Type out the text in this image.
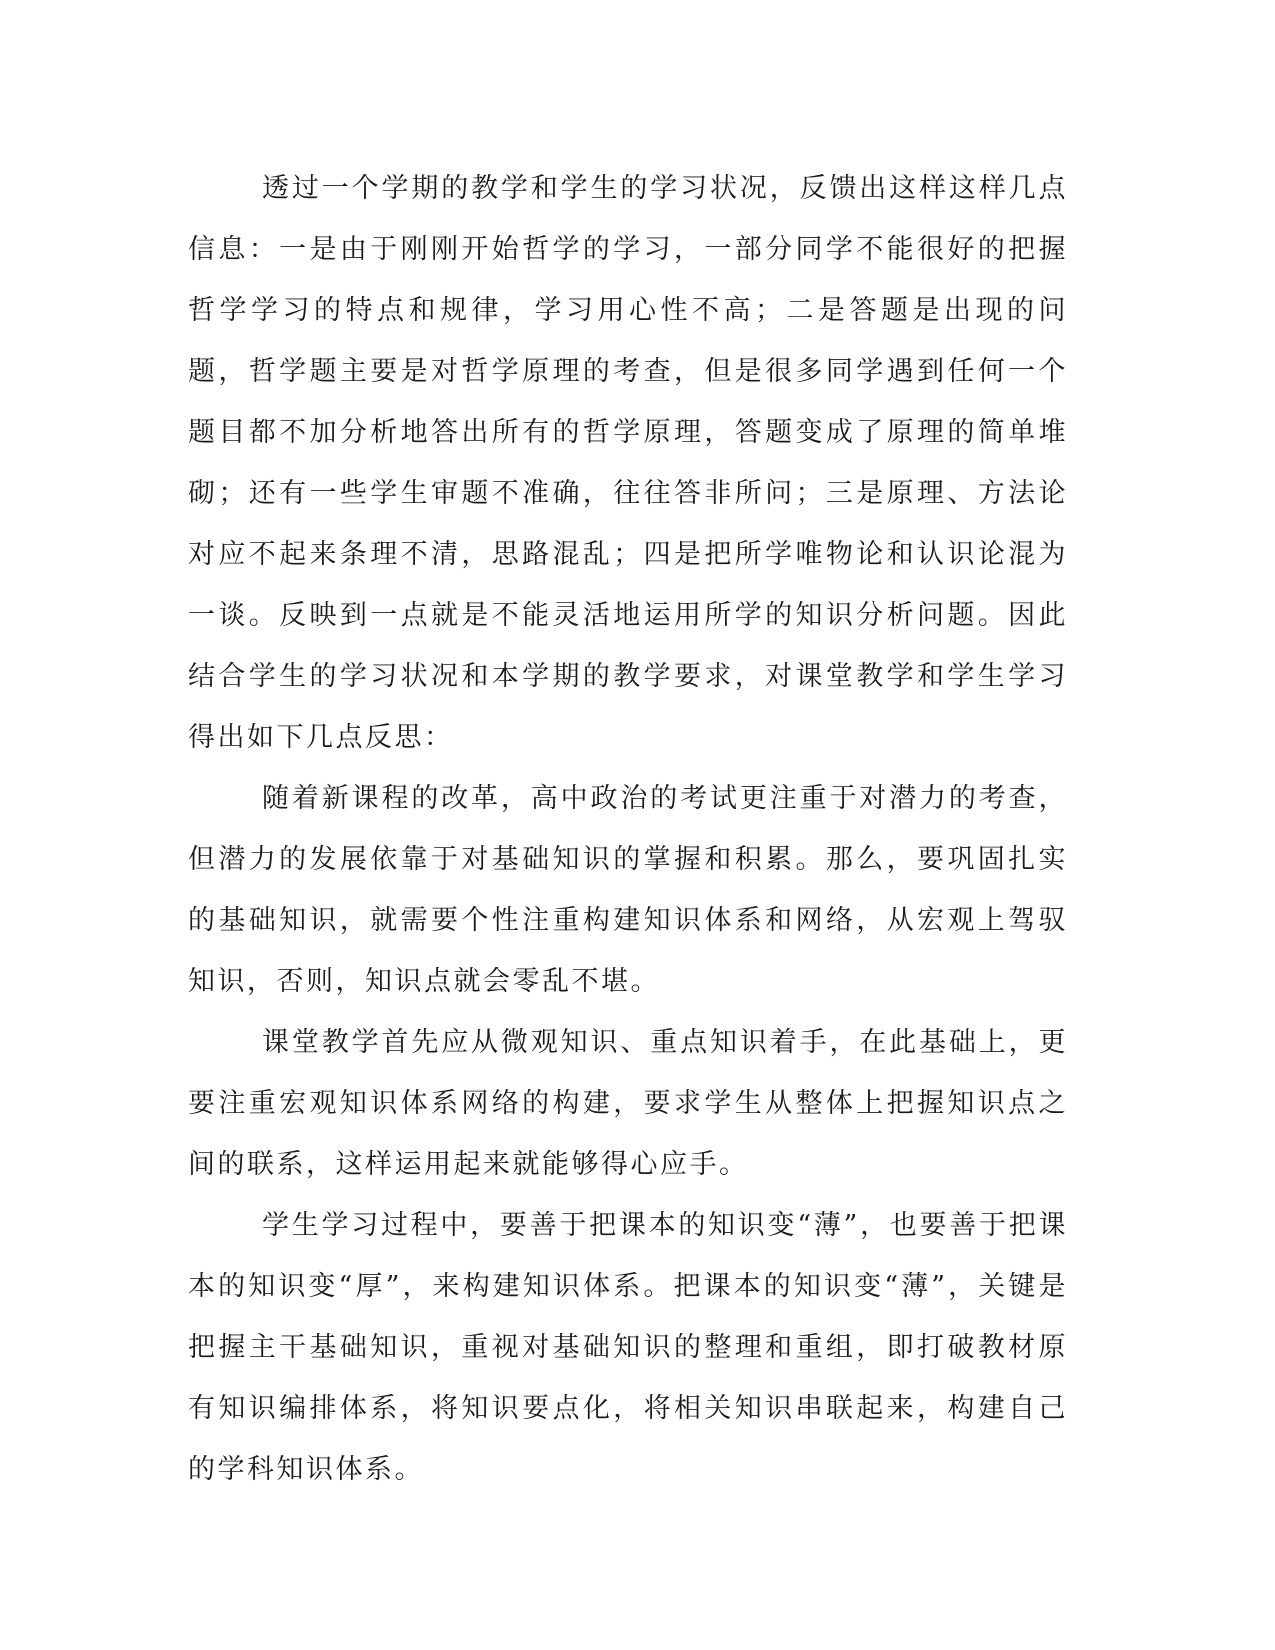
透过一个学期的教学和学生的学习状况，反馈出这样这样几点信息：一是由于刚刚开始哲学的学习，一部分同学不能很好的把握哲学学习的特点和规律，学习用心性不高；二是答题是出现的问题，哲学题主要是对哲学原理的考查，但是很多同学遇到任何一个题目都不加分析地答出所有的哲学原理，答题变成了原理的简单堆砌；还有一些学生审题不准确，往往答非所问；三是原理、方法论对应不起来条理不清，思路混乱；四是把所学唯物论和认识论混为一谈。反映到一点就是不能灵活地运用所学的知识分析问题。因此结合学生的学习状况和本学期的教学要求，对课堂教学和学生学习得出如下几点反思：

随着新课程的改革，高中政治的考试更注重于对潜力的考查，但潜力的发展依靠于对基础知识的掌握和积累。那么，要巩固扎实的基础知识，就需要个性注重构建知识体系和网络，从宏观上驾驭知识，否则，知识点就会零乱不堪。

课堂教学首先应从微观知识、重点知识着手，在此基础上，更要注重宏观知识体系网络的构建，要求学生从整体上把握知识点之间的联系，这样运用起来就能够得心应手。

学生学习过程中，要善于把课本的知识变“薄”，也要善于把课本的知识变“厚”，来构建知识体系。把课本的知识变“薄”，关键是把握主干基础知识，重视对基础知识的整理和重组，即打破教材原有知识编排体系，将知识要点化，将相关知识串联起来，构建自己的学科知识体系。
